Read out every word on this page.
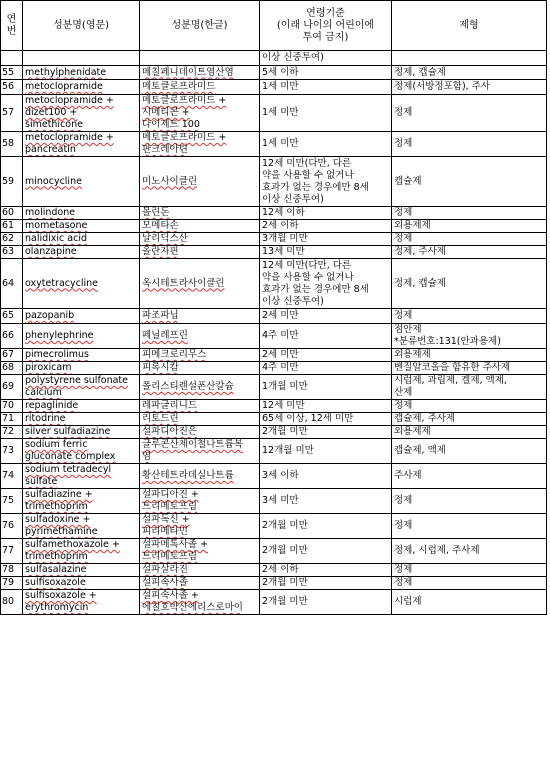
연번	성분명(영문)	성분명(한글)	연령기준
(이래 나이의 어린이에
투여 금지)	제형
			이상 신중투여)	
55	methylphenidate	메칠페니데이트염산염	5세 이하	정제, 캡슐제
56	metoclopramide	메토클로프라미드	1세 미만	정제(서방정포함), 주사
57	metoclopramide +
dizet100 + simethicone	메토클로프라미드 +
시메티콘 +
다이제트 100	1세 미만	정제
58	metoclopramide +
pancreatin	메토클로프라미드 +
판크레아틴	1세 미만	정제
59	minocycline	미노사이클린	12세 미만(다만, 다른
약을 사용할 수 없거나
효과가 없는 경우에만 8세
이상 신중투여)	캡슐제
60	molindone	몰린돈	12세 이하	정제
61	mometasone	모메타손	2세 이하	외용제제
62	nalidixic acid	날리딕스산	3개월 미만	정제
63	olanzapine	올란자핀	13세 미만	정제, 주사제
64	oxytetracycline	옥시테트라사이클린	12세 미만(다만, 다른
약을 사용할 수 없거나
효과가 없는 경우에만 8세
이상 신중투여)	정제, 캡슐제
65	pazopanib	파조파닙	2세 미만	정제
66	phenylephrine	페닐레프린	4주 미만	점안제
*분류번호:131(안과용제)
67	pimecrolimus	피메크로리무스	2세 미만	외용제제
68	piroxicam	피록시캄	4주 미만	벤질알코올을 함유한 주사제
69	polystyrene sulfonate
calcium	폴리스티렌설폰산칼슘	1개월 미만	시럽제, 과립제, 겔제, 액제,
산제
70	repaglinide	레파글리니드	12세 미만	정제
71	ritodrine	리토드린	65세 이상, 12세 미만	캡슐제, 주사제
72	silver sulfadiazine	설파디아진은	2개월 미만	외용제제
73	sodium ferric
gluconate complex	글루콘산제이철나트륨복
염	12개월 미만	캡슐제, 액제
74	sodium tetradecyl
sulfate	황산테트라데실나트륨	3세 이하	주사제
75	sulfadiazine +
trimethoprim	설파디아진 +
트리메토프림	3세 미만	정제
76	sulfadoxine +
pyrimethamine	설파독신 +
피리메타민	2개월 미만	정제
77	sulfamethoxazole +
trimethoprim	설파메톡사졸 +
트리메토프림	2개월 미만	정제, 시럽제, 주사제
78	sulfasalazine	설파살라진	2세 이하	정제
79	sulfisoxazole	설피속사졸	2개월 미만	정제
80	sulfisoxazole +
erythromycin	설피속사졸 +
에칠호박산에리스로마이	2개월 미만	시럽제
